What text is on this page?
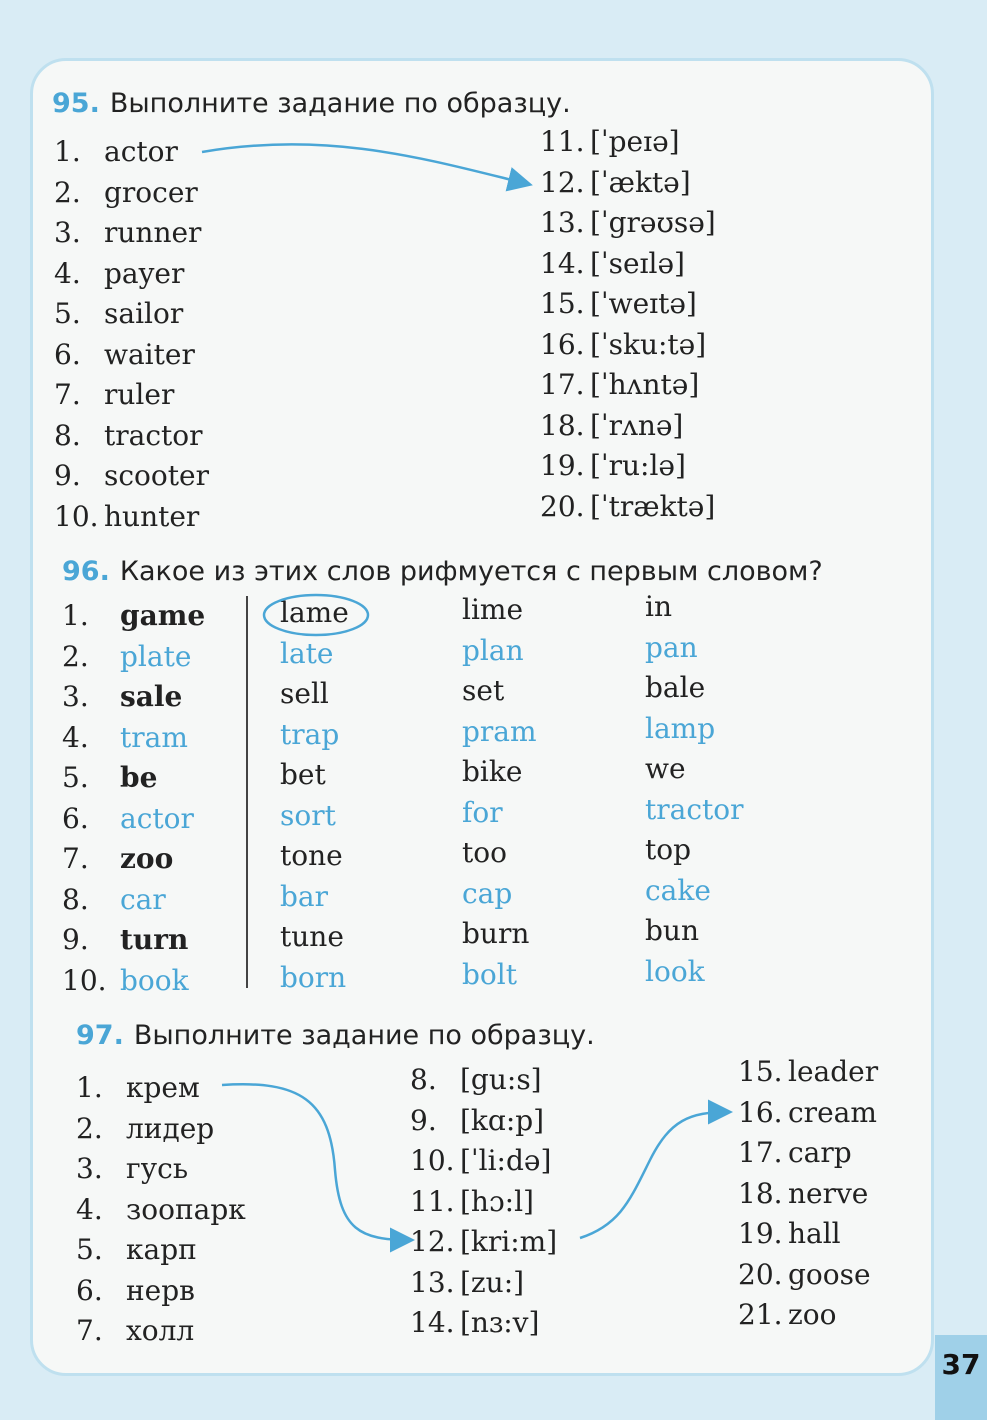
95. Выполните задание по образцу.
1. actor
2. grocer
3. runner
4. payer
5. sailor
6. waiter
7. ruler
8. tractor
9. scooter
10. hunter
11. [ˈpeɪə]
12. [ˈæktə]
13. [ˈgrəʊsə]
14. [ˈseɪlə]
15. [ˈweɪtə]
16. [ˈsku:tə]
17. [ˈhʌntə]
18. [ˈrʌnə]
19. [ˈru:lə]
20. [ˈtræktə]
96. Какое из этих слов рифмуется с первым словом?
1. game	lame	lime	in
2. plate	late	plan	pan
3. sale	sell	set	bale
4. tram	trap	pram	lamp
5. be	bet	bike	we
6. actor	sort	for	tractor
7. zoo	tone	too	top
8. car	bar	cap	cake
9. turn	tune	burn	bun
10. book	born	bolt	look
97. Выполните задание по образцу.
1. крем
2. лидер
3. гусь
4. зоопарк
5. карп
6. нерв
7. холл
8. [gu:s]
9. [kɑ:p]
10. [ˈli:də]
11. [hɔ:l]
12. [kri:m]
13. [zu:]
14. [nɜ:v]
15. leader
16. cream
17. carp
18. nerve
19. hall
20. goose
21. zoo
37
